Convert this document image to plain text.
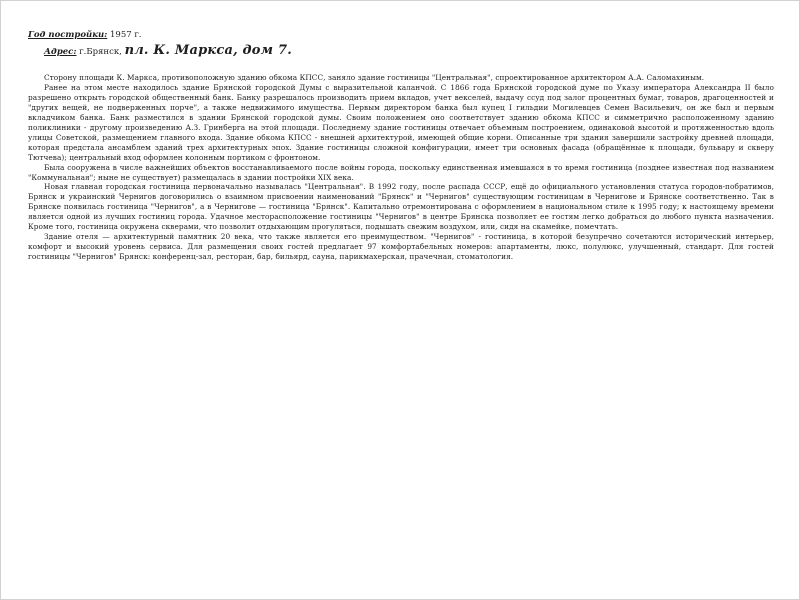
Год постройки: 1957 г.
Адрес: г.Брянск, пл. К. Маркса, дом 7.

Сторону площади К. Маркса, противоположную зданию обкома КПСС, заняло здание гостиницы "Центральная", спроектированное архитектором А.А. Саломахиным.

Ранее на этом месте находилось здание Брянской городской Думы с выразительной каланчой. С 1866 года Брянской городской думе по Указу императора Александра II было разрешено открыть городской общественный банк. Банку разрешалось производить прием вкладов, учет векселей, выдачу ссуд под залог процентных бумаг, товаров, драгоценностей и "других вещей, не подверженных порче", а также недвижимого имущества. Первым директором банка был купец I гильдии Могилевцев Семен Васильевич, он же был и первым вкладчиком банка. Банк разместился в здании Брянской городской думы. Своим положением оно соответствует зданию обкома КПСС и симметрично расположенному зданию поликлиники - другому произведению А.З. Гринберга на этой площади. Последнему здание гостиницы отвечает объемным построением, одинаковой высотой и протяженностью вдоль улицы Советской, размещением главного входа. Здание обкома КПСС - внешней архитектурой, имеющей общие корни. Описанные три здания завершили застройку древней площади, которая предстала ансамблем зданий трех архитектурных эпох. Здание гостиницы сложной конфигурации, имеет три основных фасада (обращённые к площади, бульвару и скверу Тютчева); центральный вход оформлен колонным портиком с фронтоном.

Была сооружена в числе важнейших объектов восстанавливаемого после войны города, поскольку единственная имевшаяся в то время гостиница (позднее известная под названием "Коммунальная"; ныне не существует) размещалась в здании постройки XIX века.

Новая главная городская гостиница первоначально называлась "Центральная". В 1992 году, после распада СССР, ещё до официального установления статуса городов-побратимов, Брянск и украинский Чернигов договорились о взаимном присвоении наименований "Брянск" и "Чернигов" существующим гостиницам в Чернигове и Брянске соответственно. Так в Брянске появилась гостиница "Чернигов", а в Чернигове — гостиница "Брянск". Капитально отремонтирована с оформлением в национальном стиле к 1995 году; к настоящему времени является одной из лучших гостиниц города. Удачное месторасположение гостиницы "Чернигов" в центре Брянска позволяет ее гостям легко добраться до любого пункта назначения. Кроме того, гостиница окружена скверами, что позволит отдыхающим прогуляться, подышать свежим воздухом, или, сидя на скамейке, помечтать.

Здание отеля — архитектурный памятник 20 века, что также является его преимуществом. "Чернигов" - гостиница, в которой безупречно сочетаются исторический интерьер, комфорт и высокий уровень сервиса. Для размещения своих гостей предлагает 97 комфортабельных номеров: апартаменты, люкс, полулюкс, улучшенный, стандарт. Для гостей гостиницы "Чернигов" Брянск: конференц-зал, ресторан, бар, бильярд, сауна, парикмахерская, прачечная, стоматология.
